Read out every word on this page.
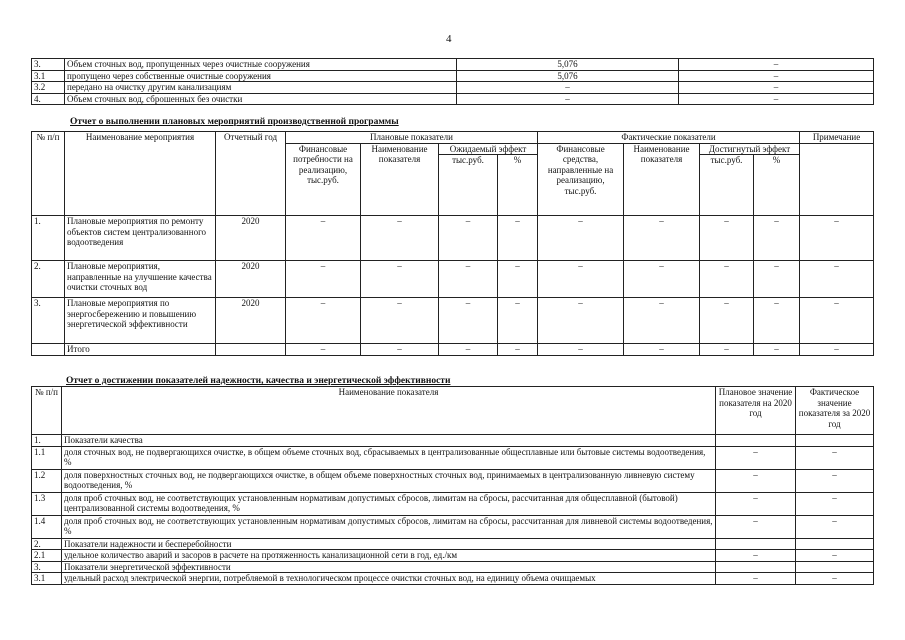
4
3.	Объем сточных вод, пропущенных через очистные сооружения	5,076	–
3.1	пропущено через собственные очистные сооружения	5,076	–
3.2	передано на очистку другим канализациям	–	–
4.	Объем сточных вод, сброшенных без очистки	–	–
Отчет о выполнении плановых мероприятий производственной программы
№ п/п	Наименование мероприятия	Отчетный год	Плановые показатели				Фактические показатели				Примечание
			Финансовые потребности на реализацию, тыс.руб.	Наименование показателя	Ожидаемый эффект		Финансовые средства, направленные на реализацию, тыс.руб.	Наименование показателя	Достигнутый эффект		
					тыс.руб.	%			тыс.руб.	%	
1.	Плановые мероприятия по ремонту объектов систем централизованного водоотведения	2020	–	–	–	–	–	–	–	–	–
2.	Плановые мероприятия, направленные на улучшение качества очистки сточных вод	2020	–	–	–	–	–	–	–	–	–
3.	Плановые мероприятия по энергосбережению и повышению энергетической эффективности	2020	–	–	–	–	–	–	–	–	–
	Итого		–	–	–	–	–	–	–	–	–
Отчет о достижении показателей надежности, качества и энергетической эффективности
№ п/п	Наименование показателя	Плановое значение показателя на 2020 год	Фактическое значение показателя за 2020 год
1.	Показатели качества		
1.1	доля сточных вод, не подвергающихся очистке, в общем объеме сточных вод, сбрасываемых в централизованные общесплавные или бытовые системы водоотведения, %	–	–
1.2	доля поверхностных сточных вод, не подвергающихся очистке, в общем объеме поверхностных сточных вод, принимаемых в централизованную ливневую систему водоотведения, %	–	–
1.3	доля проб сточных вод, не соответствующих установленным нормативам допустимых сбросов, лимитам на сбросы, рассчитанная для общесплавной (бытовой) централизованной системы водоотведения, %	–	–
1.4	доля проб сточных вод, не соответствующих установленным нормативам допустимых сбросов, лимитам на сбросы, рассчитанная для ливневой системы водоотведения, %	–	–
2.	Показатели надежности и бесперебойности		
2.1	удельное количество аварий и засоров в расчете на протяженность канализационной сети в год, ед./км	–	–
3.	Показатели энергетической эффективности		
3.1	удельный расход электрической энергии, потребляемой в технологическом процессе очистки сточных вод, на единицу объема очищаемых	–	–
